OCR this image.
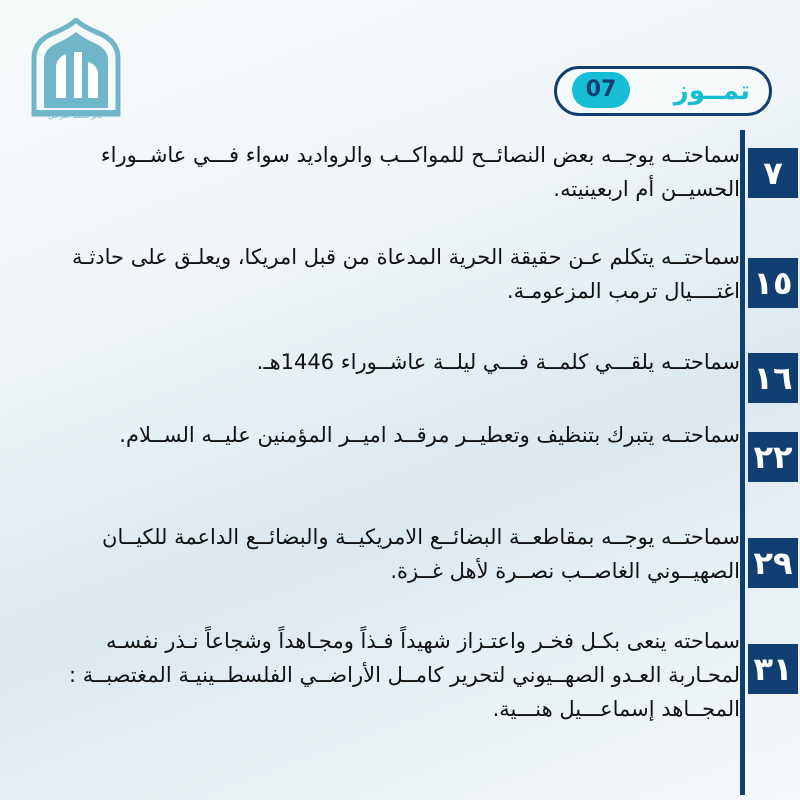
جائر محمد العراقي
تمــوز
07
٧
سماحتــه يوجــه بعض النصائــح للمواكــب والرواديد سواء فـــي عاشــوراء الحسيــن أم اربعينيته.
١٥
سماحتــه يتكلم عـن حقيقة الحرية المدعاة من قبل امريكا، ويعلـق على حادثـة اغتــــيال ترمب المزعومـة.
١٦
سماحتــه يلقـــي كلمــة فـــي ليلــة عاشــوراء 1446هـ.
٢٢
سماحتــه يتبرك بتنظيف وتعطيــر مرقــد اميــر المؤمنين عليــه الســلام.
٢٩
سماحتــه يوجــه بمقاطعــة البضائــع الامريكيــة والبضائــع الداعمة للكيــان الصهيــوني الغاصــب نصــرة لأهل غــزة.
٣١
سماحته ينعى بكـل فخـر واعتـزاز شهيداً فـذاً ومجـاهداً وشجاعاً نـذر نفسـه لمحـاربة العـدو الصهــيوني لتحرير كامــل الأراضــي الفلسطــينيـة المغتصبــة : المجــاهد إسماعـــيل هنـــية.
